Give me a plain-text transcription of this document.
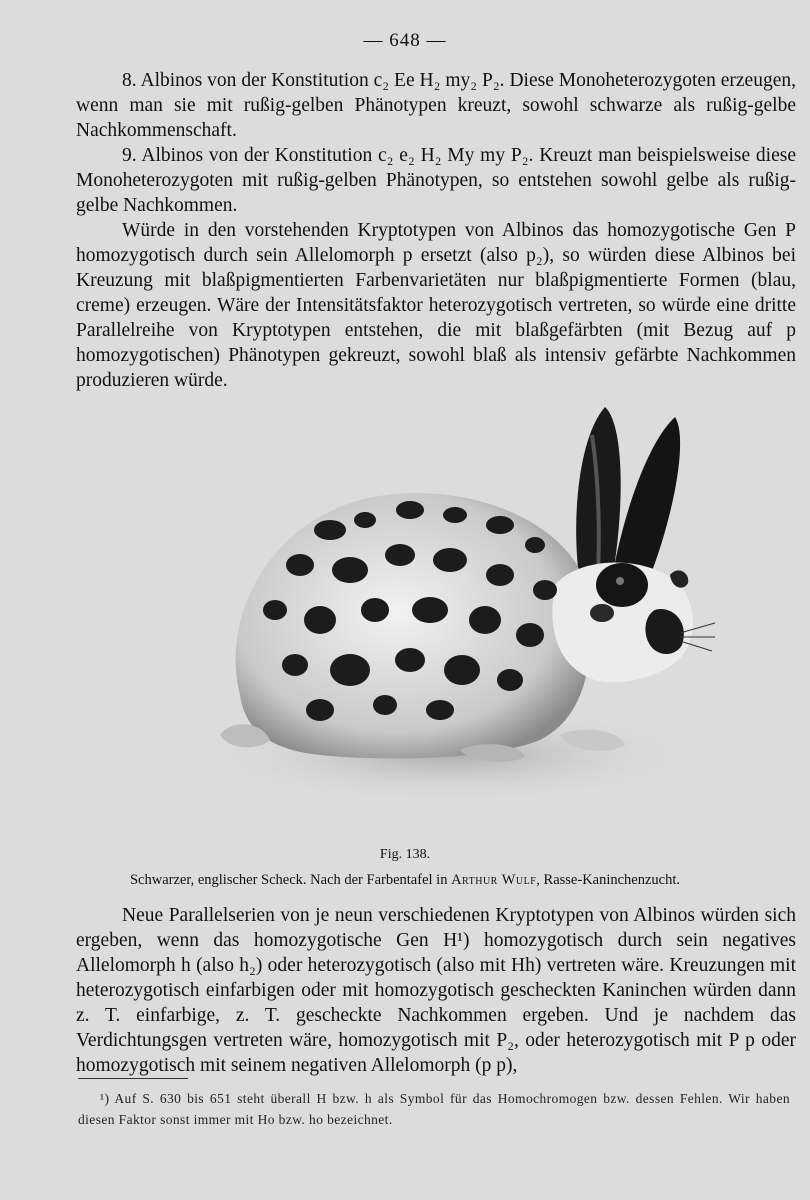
— 648 —

8. Albinos von der Konstitution c₂ Ee H₂ my₂ P₂. Diese Monoheterozygoten erzeugen, wenn man sie mit rußig-gelben Phänotypen kreuzt, sowohl schwarze als rußig-gelbe Nachkommenschaft.

9. Albinos von der Konstitution c₂ e₂ H₂ My my P₂. Kreuzt man beispielsweise diese Monoheterozygoten mit rußig-gelben Phänotypen, so entstehen sowohl gelbe als rußig-gelbe Nachkommen.

Würde in den vorstehenden Kryptotypen von Albinos das homozygotische Gen P homozygotisch durch sein Allelomorph p ersetzt (also p₂), so würden diese Albinos bei Kreuzung mit blaßpigmentierten Farbenvarietäten nur blaßpigmentierte Formen (blau, creme) erzeugen. Wäre der Intensitätsfaktor heterozygotisch vertreten, so würde eine dritte Parallelreihe von Kryptotypen entstehen, die mit blaßgefärbten (mit Bezug auf p homozygotischen) Phänotypen gekreuzt, sowohl blaß als intensiv gefärbte Nachkommen produzieren würde.

Fig. 138.
Schwarzer, englischer Scheck. Nach der Farbentafel in Arthur Wulf, Rasse-Kaninchenzucht.

Neue Parallelserien von je neun verschiedenen Kryptotypen von Albinos würden sich ergeben, wenn das homozygotische Gen H¹) homozygotisch durch sein negatives Allelomorph h (also h₂) oder heterozygotisch (also mit Hh) vertreten wäre. Kreuzungen mit heterozygotisch einfarbigen oder mit homozygotisch gescheckten Kaninchen würden dann z. T. einfarbige, z. T. gescheckte Nachkommen ergeben. Und je nachdem das Verdichtungsgen vertreten wäre, homozygotisch mit P₂, oder heterozygotisch mit P p oder homozygotisch mit seinem negativen Allelomorph (p p),

¹) Auf S. 630 bis 651 steht überall H bzw. h als Symbol für das Homochromogen bzw. dessen Fehlen. Wir haben diesen Faktor sonst immer mit Ho bzw. ho bezeichnet.
